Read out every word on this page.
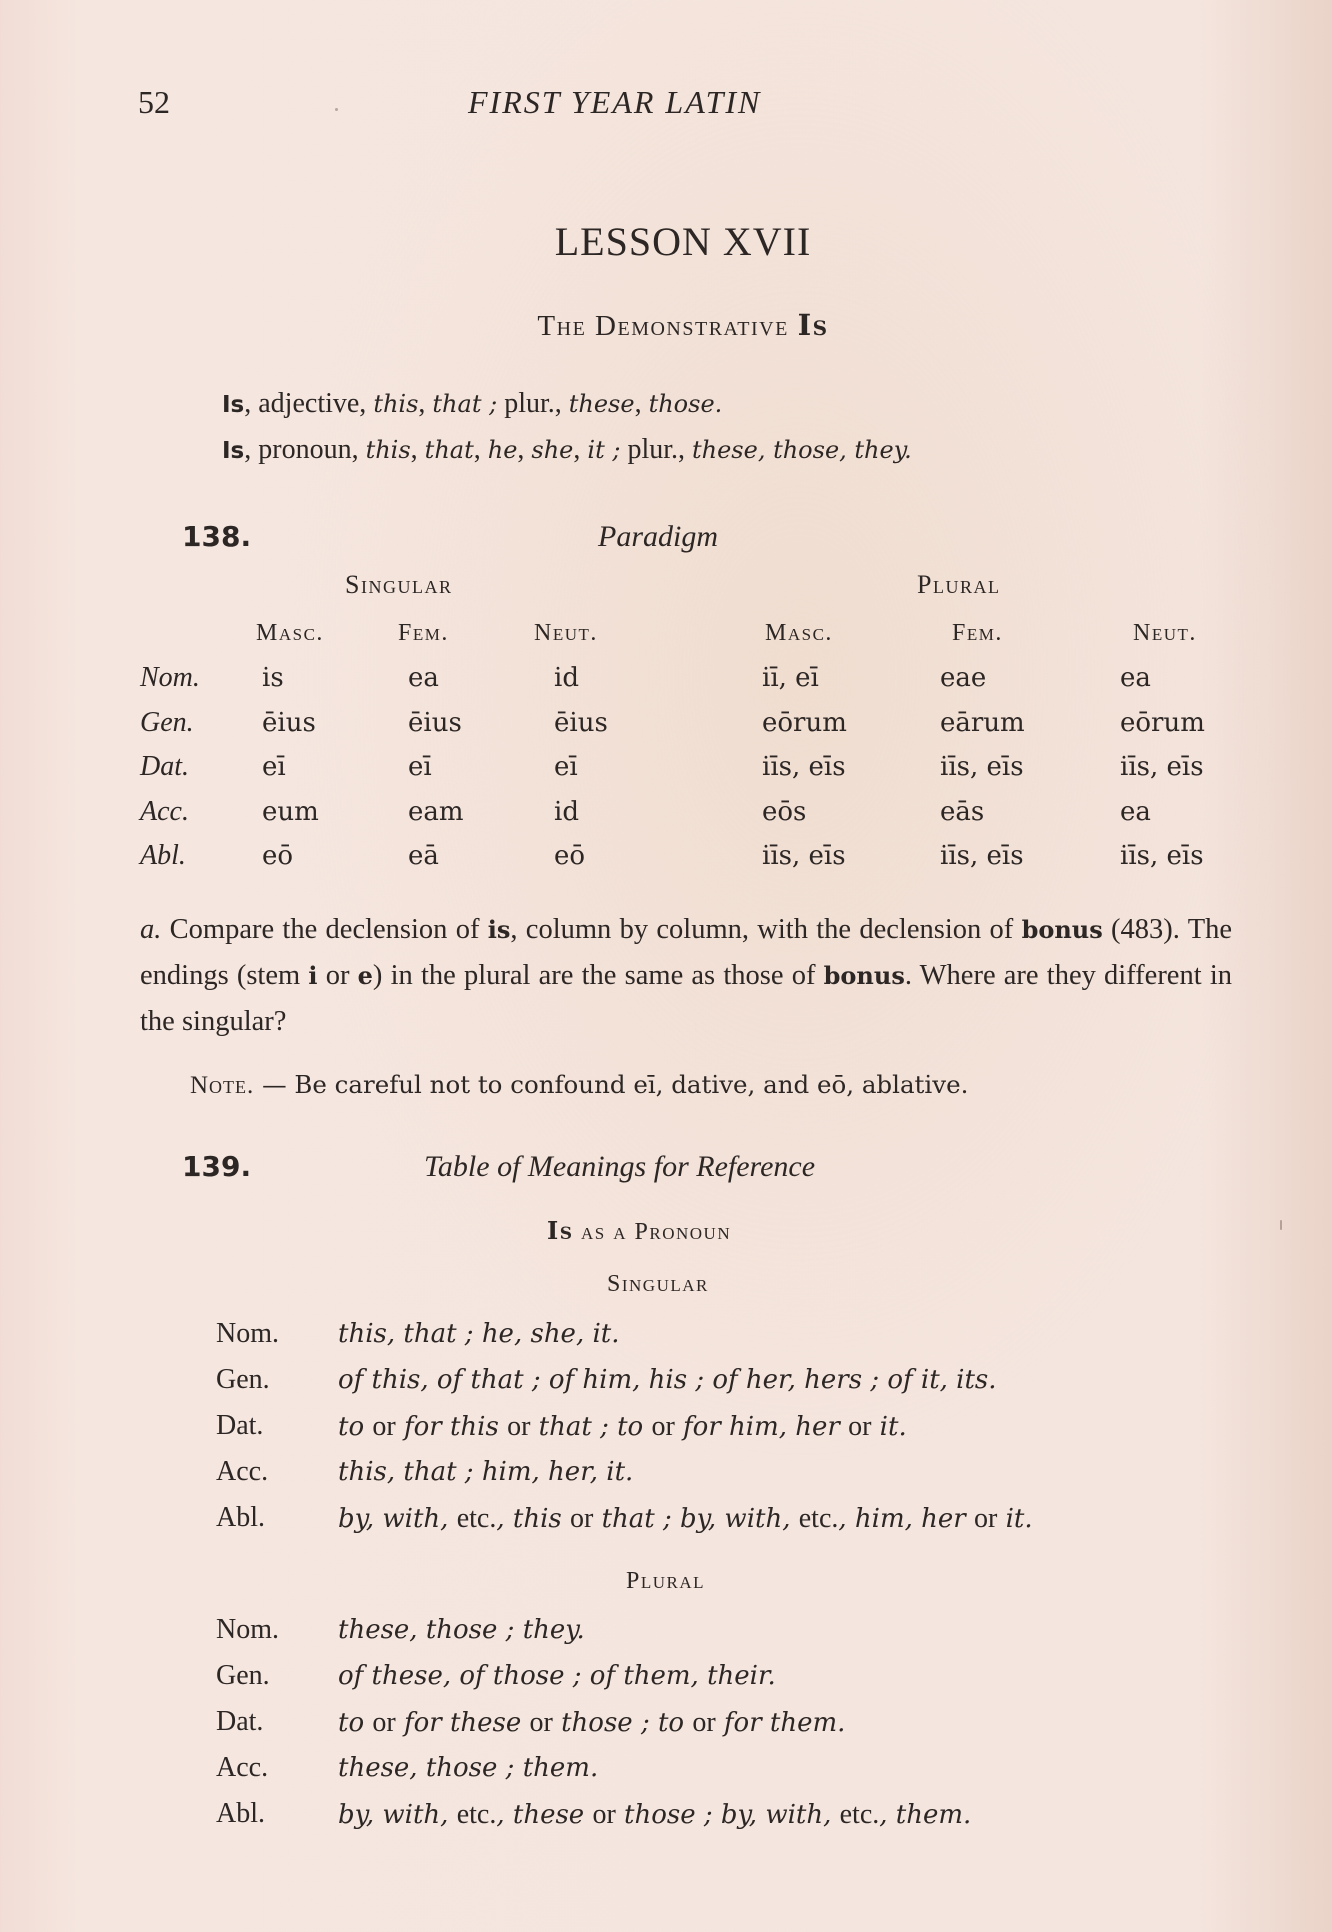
52	FIRST YEAR LATIN
LESSON XVII
The Demonstrative Is
Is, adjective, this, that ; plur., these, those.
Is, pronoun, this, that, he, she, it ; plur., these, those, they.
138.	Paradigm
Singular	Plural
Masc.	Fem.	Neut.	Masc.	Fem.	Neut.
Nom. is	ea	id	iī, eī	eae	ea
Gen.	ēius	ēius	ēius	eōrum	eārum	eōrum
Dat.	eī	eī	eī	iīs, eīs	iīs, eīs	iīs, eīs
Acc.	eum	eam	id	eōs	eās	ea
Abl.	eō	eā	eō	iīs, eīs	iīs, eīs	iīs, eīs
a. Compare the declension of is, column by column, with the declension of bonus (483). The endings (stem i or e) in the plural are the same as those of bonus. Where are they different in the singular?
Note. — Be careful not to confound eī, dative, and eō, ablative.
139.	Table of Meanings for Reference
Is as a Pronoun
Singular
Nom. this, that ; he, she, it.
Gen.	of this, of that ; of him, his ; of her, hers ; of it, its.
Dat.	to or for this or that ; to or for him, her or it.
Acc.	this, that ; him, her, it.
Abl.	by, with, etc., this or that ; by, with, etc., him, her or it.
Plural
Nom. these, those ; they.
Gen.	of these, of those ; of them, their.
Dat.	to or for these or those ; to or for them.
Acc.	these, those ; them.
Abl.	by, with, etc., these or those ; by, with, etc., them.
